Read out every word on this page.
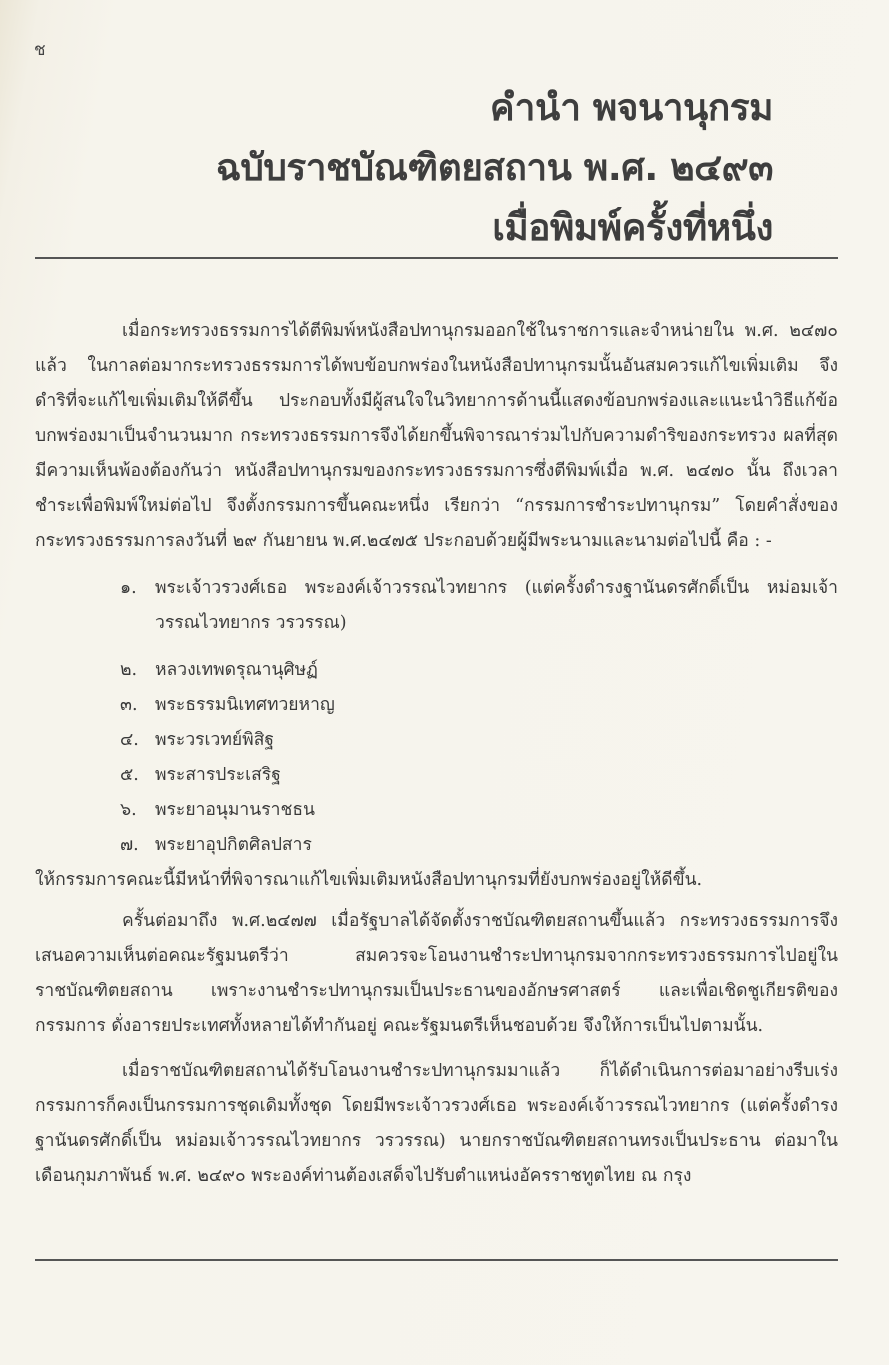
ช
คำนำ พจนานุกรม
ฉบับราชบัณฑิตยสถาน พ.ศ. ๒๔๙๓
เมื่อพิมพ์ครั้งที่หนึ่ง

เมื่อกระทรวงธรรมการได้ตีพิมพ์หนังสือปทานุกรมออกใช้ในราชการและจำหน่ายใน พ.ศ. ๒๔๗๐ แล้ว ในกาลต่อมากระทรวงธรรมการได้พบข้อบกพร่องในหนังสือปทานุกรมนั้นอันสมควรแก้ไขเพิ่มเติม จึงดำริที่จะแก้ไขเพิ่มเติมให้ดีขึ้น ประกอบทั้งมีผู้สนใจในวิทยาการด้านนี้แสดงข้อบกพร่องและแนะนำวิธีแก้ข้อบกพร่องมาเป็นจำนวนมาก กระทรวงธรรมการจึงได้ยกขึ้นพิจารณาร่วมไปกับความดำริของกระทรวง ผลที่สุดมีความเห็นพ้องต้องกันว่า หนังสือปทานุกรมของกระทรวงธรรมการซึ่งตีพิมพ์เมื่อ พ.ศ. ๒๔๗๐ นั้น ถึงเวลาชำระเพื่อพิมพ์ใหม่ต่อไป จึงตั้งกรรมการขึ้นคณะหนึ่ง เรียกว่า “กรรมการชำระปทานุกรม” โดยคำสั่งของกระทรวงธรรมการลงวันที่ ๒๙ กันยายน พ.ศ.๒๔๗๕ ประกอบด้วยผู้มีพระนามและนามต่อไปนี้ คือ : -

๑. พระเจ้าวรวงศ์เธอ พระองค์เจ้าวรรณไวทยากร (แต่ครั้งดำรงฐานันดรศักดิ์เป็น หม่อมเจ้าวรรณไวทยากร วรวรรณ)
๒. หลวงเทพดรุณานุศิษฏ์
๓. พระธรรมนิเทศทวยหาญ
๔. พระวรเวทย์พิสิฐ
๕. พระสารประเสริฐ
๖. พระยาอนุมานราชธน
๗. พระยาอุปกิตศิลปสาร

ให้กรรมการคณะนี้มีหน้าที่พิจารณาแก้ไขเพิ่มเติมหนังสือปทานุกรมที่ยังบกพร่องอยู่ให้ดีขึ้น.

ครั้นต่อมาถึง พ.ศ.๒๔๗๗ เมื่อรัฐบาลได้จัดตั้งราชบัณฑิตยสถานขึ้นแล้ว กระทรวงธรรมการจึงเสนอความเห็นต่อคณะรัฐมนตรีว่า สมควรจะโอนงานชำระปทานุกรมจากกระทรวงธรรมการไปอยู่ในราชบัณฑิตยสถาน เพราะงานชำระปทานุกรมเป็นประธานของอักษรศาสตร์ และเพื่อเชิดชูเกียรติของกรรมการ ดั่งอารยประเทศทั้งหลายได้ทำกันอยู่ คณะรัฐมนตรีเห็นชอบด้วย จึงให้การเป็นไปตามนั้น.

เมื่อราชบัณฑิตยสถานได้รับโอนงานชำระปทานุกรมมาแล้ว ก็ได้ดำเนินการต่อมาอย่างรีบเร่ง กรรมการก็คงเป็นกรรมการชุดเดิมทั้งชุด โดยมีพระเจ้าวรวงศ์เธอ พระองค์เจ้าวรรณไวทยากร (แต่ครั้งดำรงฐานันดรศักดิ์เป็น หม่อมเจ้าวรรณไวทยากร วรวรรณ) นายกราชบัณฑิตยสถานทรงเป็นประธาน ต่อมาในเดือนกุมภาพันธ์ พ.ศ. ๒๔๙๐ พระองค์ท่านต้องเสด็จไปรับตำแหน่งอัครราชทูตไทย ณ กรุง
